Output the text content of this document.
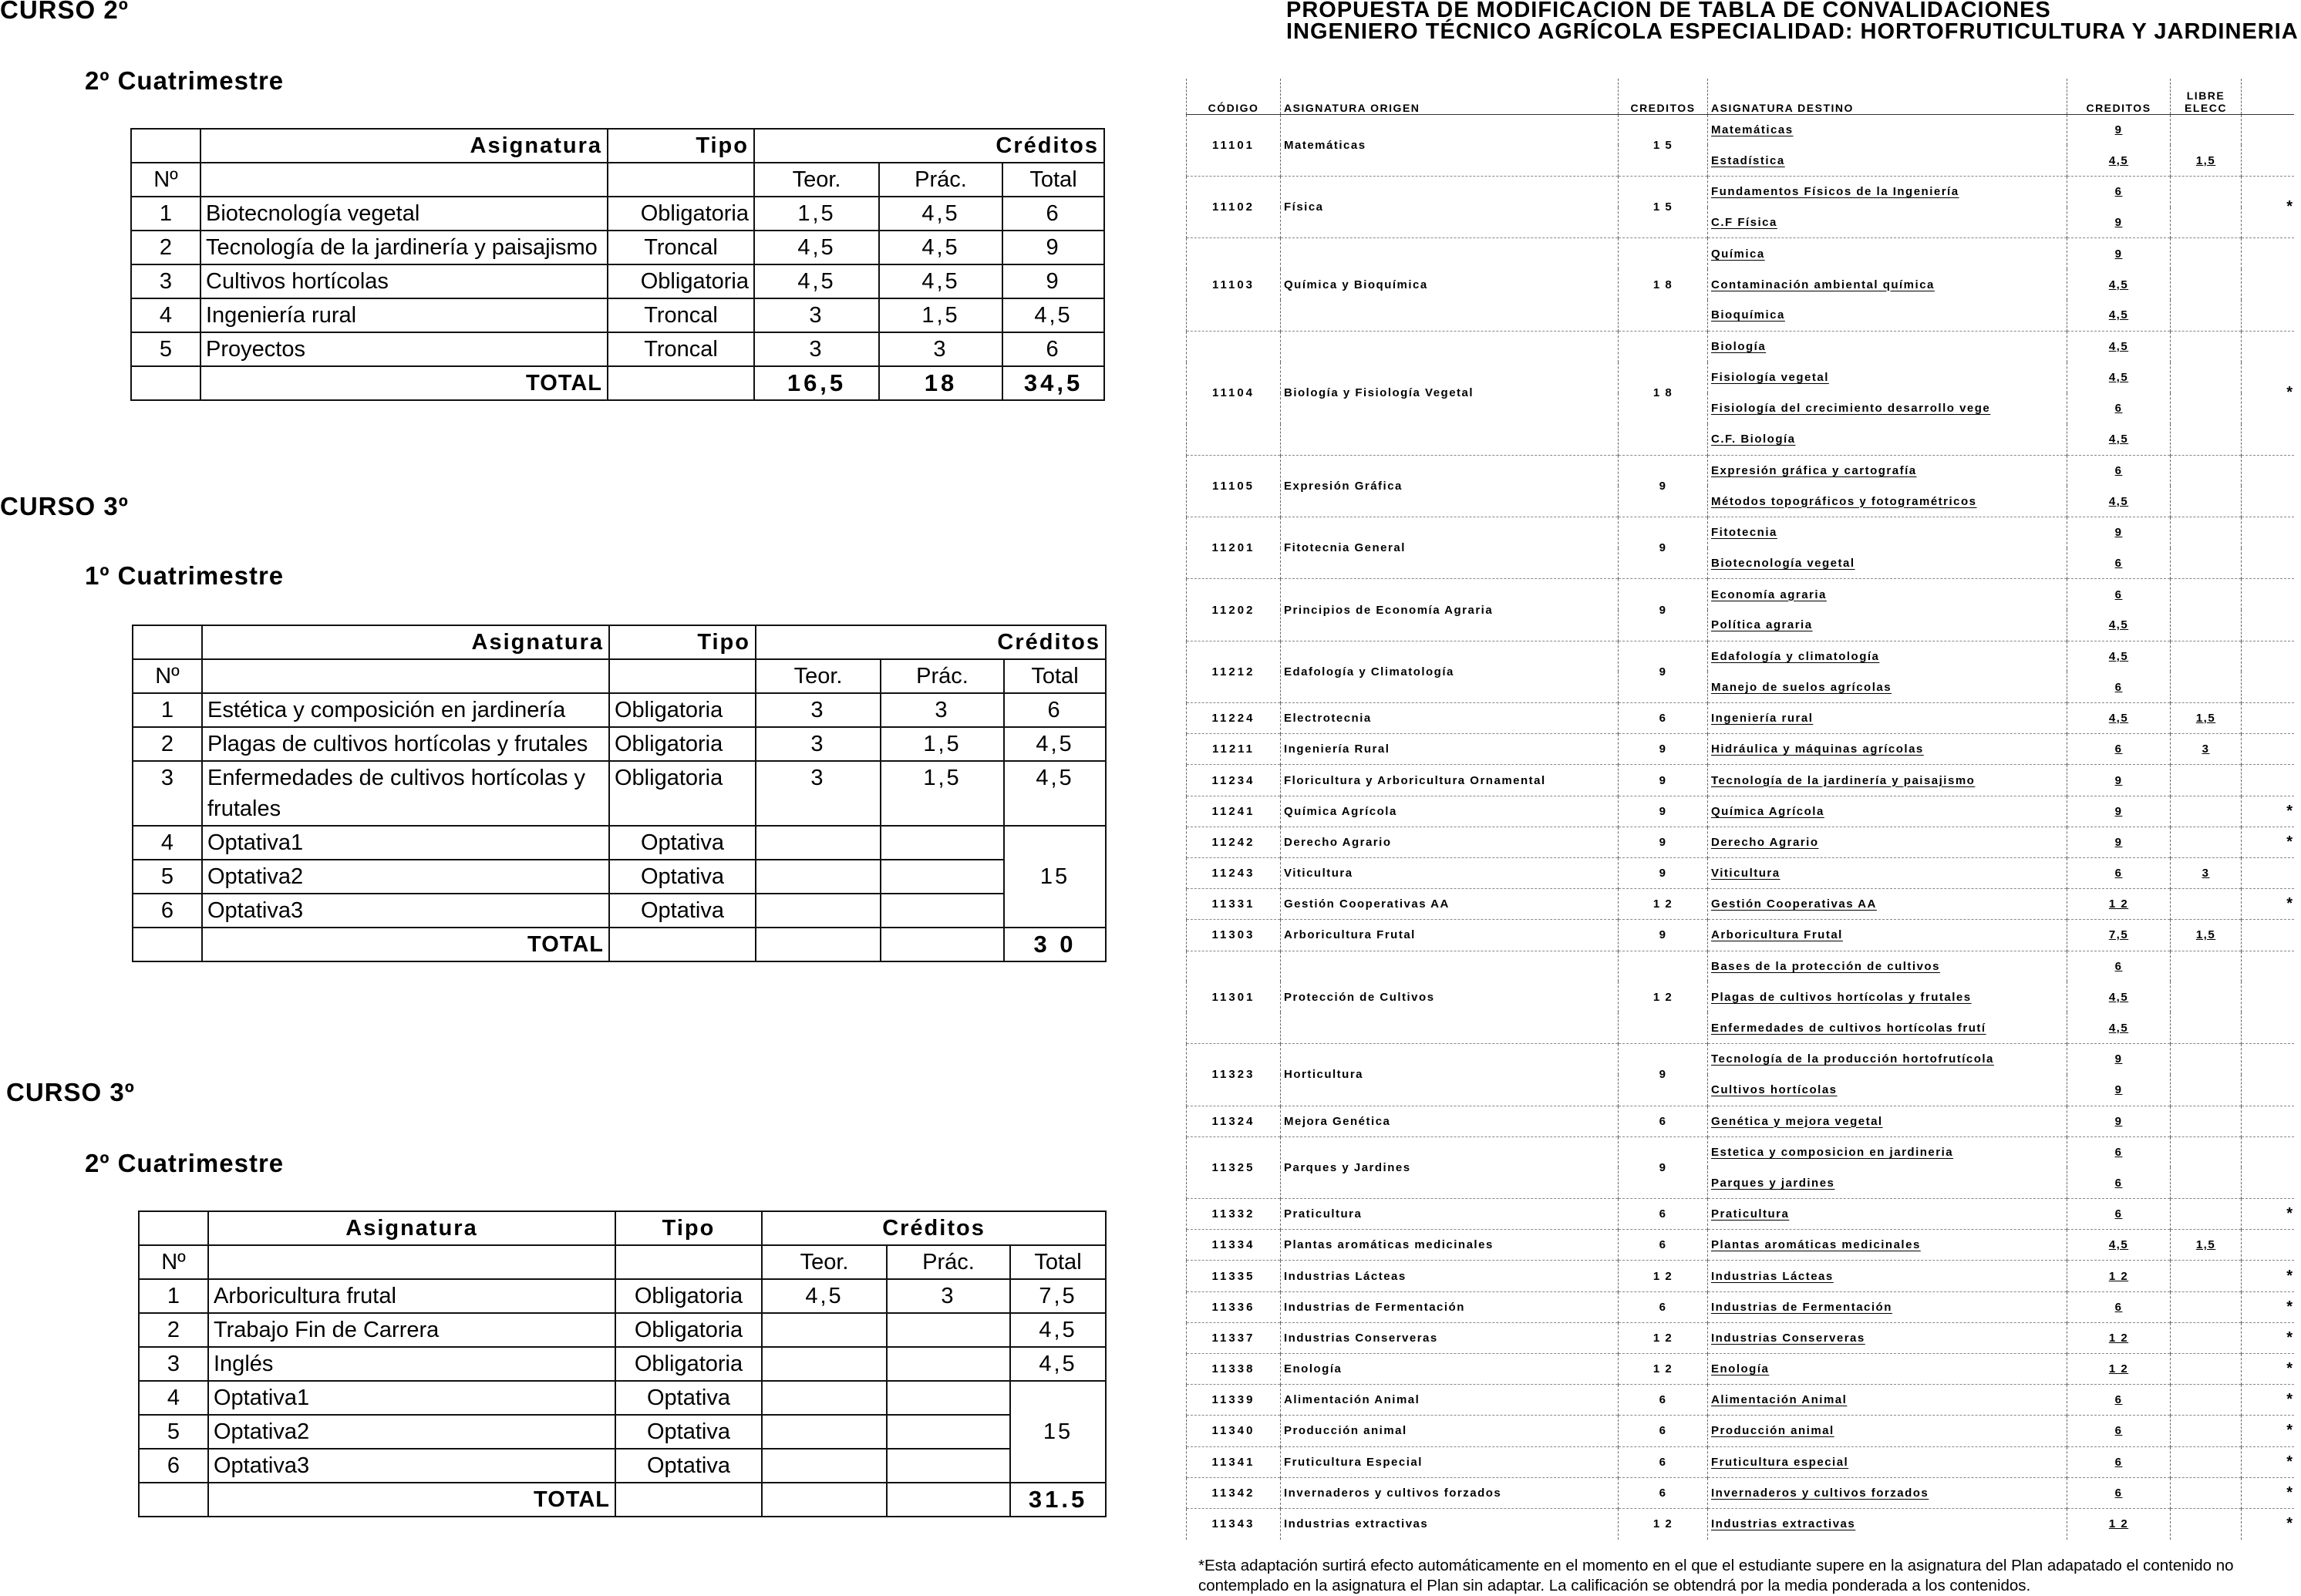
CURSO 2º
2º Cuatrimestre
	Asignatura	Tipo	Créditos		
Nº			Teor.	Prác.	Total
1	Biotecnología vegetal	Obligatoria	1,5	4,5	6
2	Tecnología de la jardinería y paisajismo	Troncal	4,5	4,5	9
3	Cultivos hortícolas	Obligatoria	4,5	4,5	9
4	Ingeniería rural	Troncal	3	1,5	4,5
5	Proyectos	Troncal	3	3	6
	TOTAL		16,5	18	34,5
CURSO 3º
1º Cuatrimestre
	Asignatura	Tipo	Créditos		
Nº			Teor.	Prác.	Total
1	Estética y composición en jardinería	Obligatoria	3	3	6
2	Plagas de cultivos hortícolas y frutales	Obligatoria	3	1,5	4,5
3	Enfermedades de cultivos hortícolas y frutales	Obligatoria	3	1,5	4,5
4	Optativa1	Optativa			15
5	Optativa2	Optativa			
6	Optativa3	Optativa			
	TOTAL				3 0
CURSO 3º
2º Cuatrimestre
	Asignatura	Tipo	Créditos		
Nº			Teor.	Prác.	Total
1	Arboricultura frutal	Obligatoria	4,5	3	7,5
2	Trabajo Fin de Carrera	Obligatoria			4,5
3	Inglés	Obligatoria			4,5
4	Optativa1	Optativa			15
5	Optativa2	Optativa			
6	Optativa3	Optativa			
	TOTAL				31.5
PROPUESTA DE MODIFICACION DE TABLA DE CONVALIDACIONES
INGENIERO TÉCNICO AGRÍCOLA ESPECIALIDAD: HORTOFRUTICULTURA Y JARDINERIA
CÓDIGO	ASIGNATURA ORIGEN	CREDITOS	ASIGNATURA DESTINO	CREDITOS	LIBRE
ELECC	
11101	Matemáticas	1 5	Matemáticas	9		
			Estadística	4,5	1,5	
11102	Física	1 5	Fundamentos Físicos de la Ingeniería	6		*
			C.F Física	9		
11103	Química y Bioquímica	1 8	Química	9		
			Contaminación ambiental química	4,5		
			Bioquímica	4,5		
11104	Biología y Fisiología Vegetal	1 8	Biología	4,5		*
			Fisiología vegetal	4,5		
			Fisiología del crecimiento desarrollo vege	6		
			C.F. Biología	4,5		
11105	Expresión Gráfica	9	Expresión gráfica y cartografía	6		
			Métodos topográficos y fotogramétricos	4,5		
11201	Fitotecnia General	9	Fitotecnia	9		
			Biotecnología vegetal	6		
11202	Principios de Economía Agraria	9	Economía agraria	6		
			Política agraria	4,5		
11212	Edafología y Climatología	9	Edafología y climatología	4,5		
			Manejo de suelos agrícolas	6		
11224	Electrotecnia	6	Ingeniería rural	4,5	1,5	
11211	Ingeniería Rural	9	Hidráulica y máquinas agrícolas	6	3	
11234	Floricultura y Arboricultura Ornamental	9	Tecnología de la jardinería y paisajismo	9		
11241	Química Agrícola	9	Química Agrícola	9		*
11242	Derecho Agrario	9	Derecho Agrario	9		*
11243	Viticultura	9	Viticultura	6	3	
11331	Gestión Cooperativas AA	1 2	Gestión Cooperativas AA	1 2		*
11303	Arboricultura Frutal	9	Arboricultura Frutal	7,5	1,5	
11301	Protección de Cultivos	1 2	Bases de la protección de cultivos	6		
			Plagas de cultivos hortícolas y frutales	4,5		
			Enfermedades de cultivos hortícolas frutí	4,5		
11323	Horticultura	9	Tecnología de la producción hortofrutícola	9		
			Cultivos hortícolas	9		
11324	Mejora Genética	6	Genética y mejora vegetal	9		
11325	Parques y Jardines	9	Estetica y composicion en jardineria	6		
			Parques y jardines	6		
11332	Praticultura	6	Praticultura	6		*
11334	Plantas aromáticas medicinales	6	Plantas aromáticas medicinales	4,5	1,5	
11335	Industrias Lácteas	1 2	Industrias Lácteas	1 2		*
11336	Industrias de Fermentación	6	Industrias de Fermentación	6		*
11337	Industrias Conserveras	1 2	Industrias Conserveras	1 2		*
11338	Enología	1 2	Enología	1 2		*
11339	Alimentación Animal	6	Alimentación Animal	6		*
11340	Producción animal	6	Producción animal	6		*
11341	Fruticultura Especial	6	Fruticultura especial	6		*
11342	Invernaderos y cultivos forzados	6	Invernaderos y cultivos forzados	6		*
11343	Industrias extractivas	1 2	Industrias extractivas	1 2		*
*Esta adaptación surtirá efecto automáticamente en el momento en el que el estudiante supere en la asignatura del Plan adapatado el contenido no contemplado en la asignatura el Plan sin adaptar. La calificación se obtendrá por la media ponderada a los contenidos.
